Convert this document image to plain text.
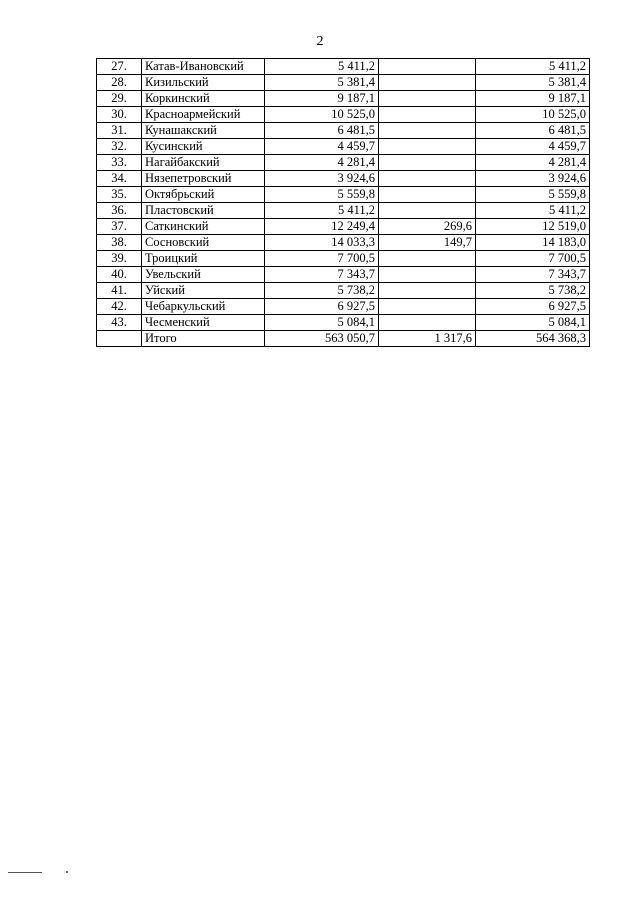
2
27.	Катав-Ивановский	5 411,2		5 411,2
28.	Кизильский	5 381,4		5 381,4
29.	Коркинский	9 187,1		9 187,1
30.	Красноармейский	10 525,0		10 525,0
31.	Кунашакский	6 481,5		6 481,5
32.	Кусинский	4 459,7		4 459,7
33.	Нагайбакский	4 281,4		4 281,4
34.	Нязепетровский	3 924,6		3 924,6
35.	Октябрьский	5 559,8		5 559,8
36.	Пластовский	5 411,2		5 411,2
37.	Саткинский	12 249,4	269,6	12 519,0
38.	Сосновский	14 033,3	149,7	14 183,0
39.	Троицкий	7 700,5		7 700,5
40.	Увельский	7 343,7		7 343,7
41.	Уйский	5 738,2		5 738,2
42.	Чебаркульский	6 927,5		6 927,5
43.	Чесменский	5 084,1		5 084,1
	Итого	563 050,7	1 317,6	564 368,3
